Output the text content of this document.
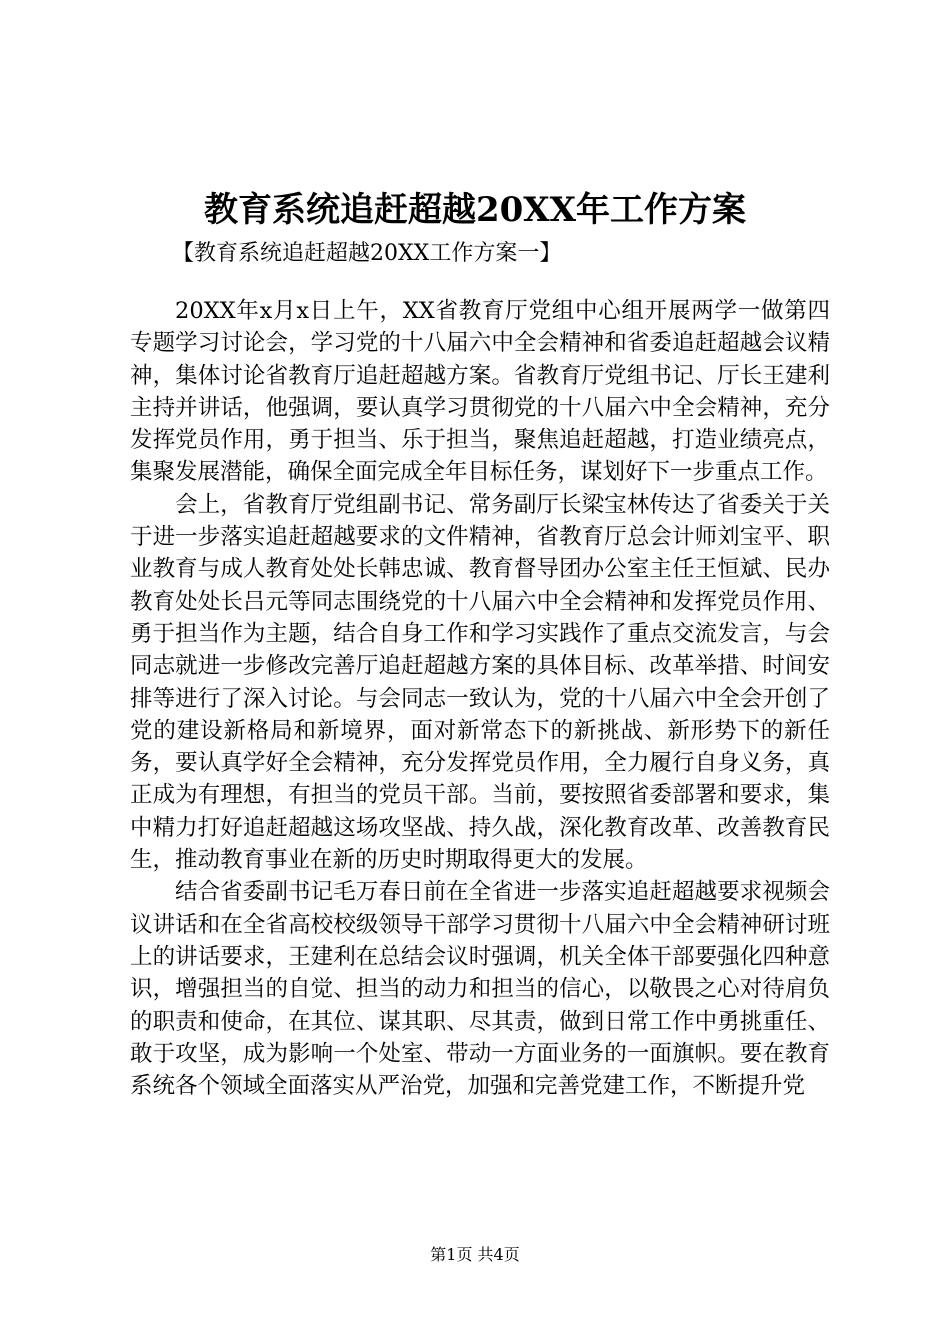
教育系统追赶超越20XX年工作方案
【教育系统追赶超越20XX工作方案一】

20XX年x月x日上午，XX省教育厅党组中心组开展两学一做第四专题学习讨论会，学习党的十八届六中全会精神和省委追赶超越会议精神，集体讨论省教育厅追赶超越方案。省教育厅党组书记、厅长王建利主持并讲话，他强调，要认真学习贯彻党的十八届六中全会精神，充分发挥党员作用，勇于担当、乐于担当，聚焦追赶超越，打造业绩亮点，集聚发展潜能，确保全面完成全年目标任务，谋划好下一步重点工作。

会上，省教育厅党组副书记、常务副厅长梁宝林传达了省委关于关于进一步落实追赶超越要求的文件精神，省教育厅总会计师刘宝平、职业教育与成人教育处处长韩忠诚、教育督导团办公室主任王恒斌、民办教育处处长吕元等同志围绕党的十八届六中全会精神和发挥党员作用、勇于担当作为主题，结合自身工作和学习实践作了重点交流发言，与会同志就进一步修改完善厅追赶超越方案的具体目标、改革举措、时间安排等进行了深入讨论。与会同志一致认为，党的十八届六中全会开创了党的建设新格局和新境界，面对新常态下的新挑战、新形势下的新任务，要认真学好全会精神，充分发挥党员作用，全力履行自身义务，真正成为有理想，有担当的党员干部。当前，要按照省委部署和要求，集中精力打好追赶超越这场攻坚战、持久战，深化教育改革、改善教育民生，推动教育事业在新的历史时期取得更大的发展。

结合省委副书记毛万春日前在全省进一步落实追赶超越要求视频会议讲话和在全省高校校级领导干部学习贯彻十八届六中全会精神研讨班上的讲话要求，王建利在总结会议时强调，机关全体干部要强化四种意识，增强担当的自觉、担当的动力和担当的信心，以敬畏之心对待肩负的职责和使命，在其位、谋其职、尽其责，做到日常工作中勇挑重任、敢于攻坚，成为影响一个处室、带动一方面业务的一面旗帜。要在教育系统各个领域全面落实从严治党，加强和完善党建工作，不断提升党

第1页 共4页
